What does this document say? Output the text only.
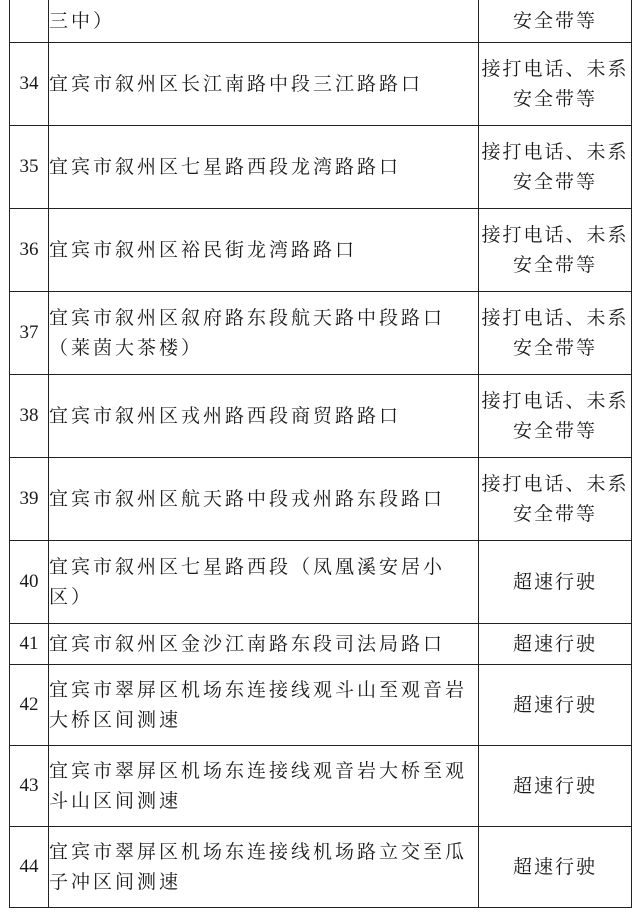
	三中）	安全带等
34	宜宾市叙州区长江南路中段三江路路口	接打电话、未系安全带等
35	宜宾市叙州区七星路西段龙湾路路口	接打电话、未系安全带等
36	宜宾市叙州区裕民街龙湾路路口	接打电话、未系安全带等
37	宜宾市叙州区叙府路东段航天路中段路口（莱茵大茶楼）	接打电话、未系安全带等
38	宜宾市叙州区戎州路西段商贸路路口	接打电话、未系安全带等
39	宜宾市叙州区航天路中段戎州路东段路口	接打电话、未系安全带等
40	宜宾市叙州区七星路西段（凤凰溪安居小区）	超速行驶
41	宜宾市叙州区金沙江南路东段司法局路口	超速行驶
42	宜宾市翠屏区机场东连接线观斗山至观音岩大桥区间测速	超速行驶
43	宜宾市翠屏区机场东连接线观音岩大桥至观斗山区间测速	超速行驶
44	宜宾市翠屏区机场东连接线机场路立交至瓜子冲区间测速	超速行驶
